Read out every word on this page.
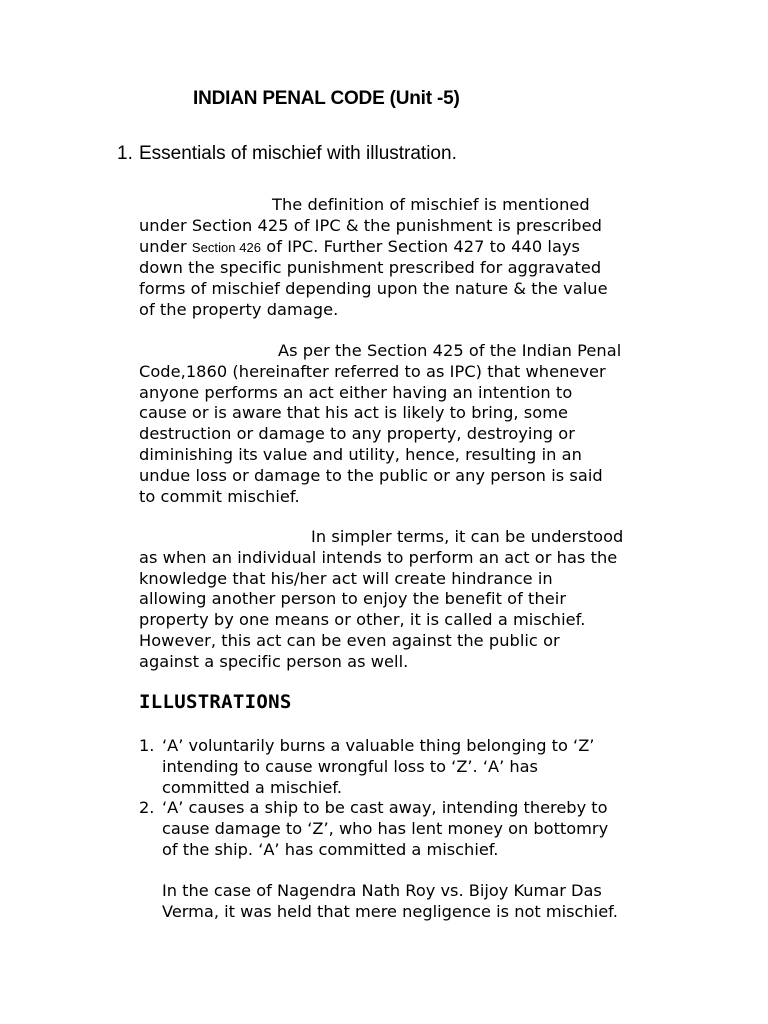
INDIAN PENAL CODE (Unit -5)

1. Essentials of mischief with illustration.

The definition of mischief is mentioned
under Section 425 of IPC & the punishment is prescribed
under Section 426 of IPC. Further Section 427 to 440 lays
down the specific punishment prescribed for aggravated
forms of mischief depending upon the nature & the value
of the property damage.

As per the Section 425 of the Indian Penal
Code,1860 (hereinafter referred to as IPC) that whenever
anyone performs an act either having an intention to
cause or is aware that his act is likely to bring, some
destruction or damage to any property, destroying or
diminishing its value and utility, hence, resulting in an
undue loss or damage to the public or any person is said
to commit mischief.

In simpler terms, it can be understood
as when an individual intends to perform an act or has the
knowledge that his/her act will create hindrance in
allowing another person to enjoy the benefit of their
property by one means or other, it is called a mischief.
However, this act can be even against the public or
against a specific person as well.

ILLUSTRATIONS
1. ‘A’ voluntarily burns a valuable thing belonging to ‘Z’
intending to cause wrongful loss to ‘Z’. ‘A’ has
committed a mischief.
2. ‘A’ causes a ship to be cast away, intending thereby to
cause damage to ‘Z’, who has lent money on bottomry
of the ship. ‘A’ has committed a mischief.

In the case of Nagendra Nath Roy vs. Bijoy Kumar Das
Verma, it was held that mere negligence is not mischief.
